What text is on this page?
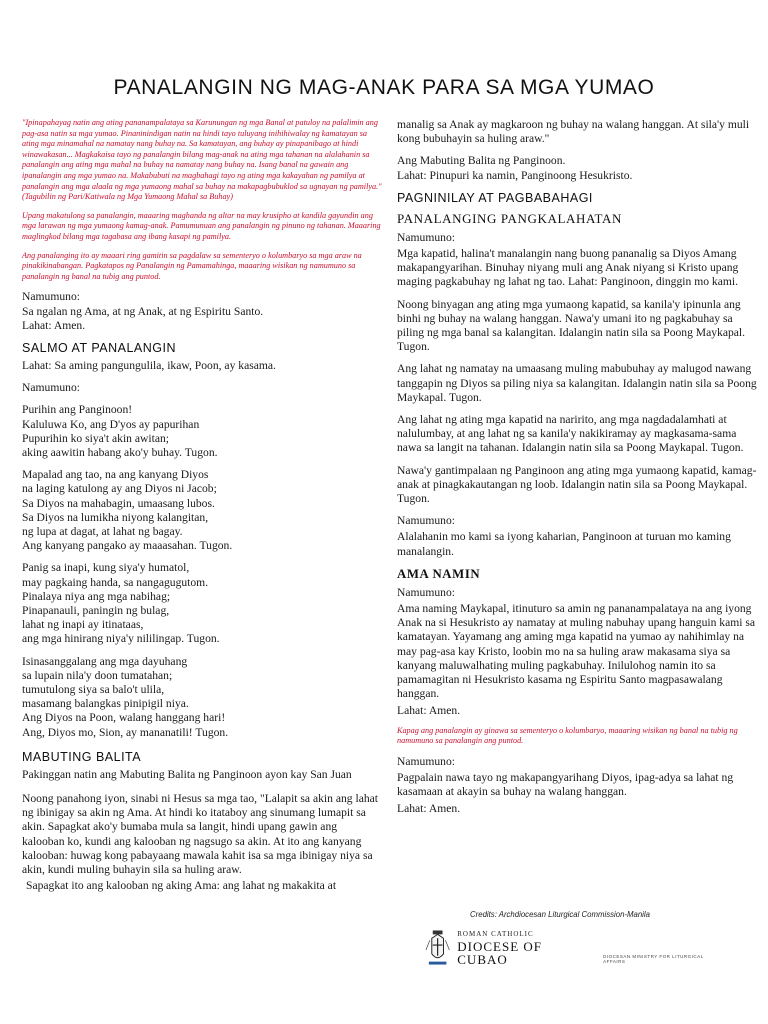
PANALANGIN NG MAG-ANAK PARA SA MGA YUMAO

"Ipinapahayag natin ang ating pananampalataya sa Karunungan ng mga Banal at patuloy na palalimin ang pag-asa natin sa mga yumao. Pinaninindigan natin na hindi tayo tuluyang inihihiwalay ng kamatayan sa ating mga minamahal na namatay nang buhay na. Sa kamatayan, ang buhay ay pinapanibago at hindi winawakasan... Magkakaisa tayo ng panalangin bilang mag-anak na ating mga tahanan na alalahanin sa panalangin ang ating mga mahal na buhay na namatay nang buhay na. Isang banal na gawain ang ipanalangin ang mga yumao na. Makabubuti na magbahagi tayo ng ating mga kakayahan ng pamilya at panalangin ang mga alaala ng mga yumaong mahal sa buhay na makapagbubuklod sa ugnayan ng pamilya." (Tagubilin ng Pari/Katiwala ng Mga Yumaong Mahal sa Buhay)

Upang makatulong sa panalangin, maaaring maghanda ng altar na may krusipho at kandila gayundin ang mga larawan ng mga yumaong kamag-anak. Pamumunuan ang panalangin ng pinuno ng tahanan. Maaaring maglingkod bilang mga tagabasa ang ibang kasapi ng pamilya.

Ang panalanging ito ay maaari ring gamitin sa pagdalaw sa sementeryo o kolumbaryo sa mga araw na pinakikinabangan. Pagkatapos ng Panalangin ng Pamamahinga, maaaring wisikan ng namumuno sa panalangin ng banal na tubig ang puntod.

Namumuno:
Sa ngalan ng Ama, at ng Anak, at ng Espiritu Santo.
Lahat: Amen.
SALMO AT PANALANGIN
Lahat: Sa aming pangungulila, ikaw, Poon, ay kasama.
Namumuno:
Purihin ang Panginoon!
Kaluluwa Ko, ang D'yos ay papurihan
Pupurihin ko siya't akin awitan;
aking aawitin habang ako'y buhay. Tugon.
Mapalad ang tao, na ang kanyang Diyos
na laging katulong ay ang Diyos ni Jacob;
Sa Diyos na mahabagin, umaasang lubos.
Sa Diyos na lumikha niyong kalangitan,
ng lupa at dagat, at lahat ng bagay.
Ang kanyang pangako ay maaasahan. Tugon.
Panig sa inapi, kung siya'y humatol,
may pagkaing handa, sa nangagugutom.
Pinalaya niya ang mga nabihag;
Pinapanauli, paningin ng bulag,
lahat ng inapi ay itinataas,
ang mga hinirang niya'y nililingap. Tugon.
Isinasanggalang ang mga dayuhang
sa lupain nila'y doon tumatahan;
tumutulong siya sa balo't ulila,
masamang balangkas pinipigil niya.
Ang Diyos na Poon, walang hanggang hari!
Ang, Diyos mo, Sion, ay mananatili! Tugon.
MABUTING BALITA
Pakinggan natin ang Mabuting Balita ng Panginoon ayon kay San Juan
Noong panahong iyon, sinabi ni Hesus sa mga tao, "Lalapit sa akin ang lahat ng ibinigay sa akin ng Ama. At hindi ko itataboy ang sinumang lumapit sa akin. Sapagkat ako'y bumaba mula sa langit, hindi upang gawin ang kalooban ko, kundi ang kalooban ng nagsugo sa akin. At ito ang kanyang kalooban: huwag kong pabayaang mawala kahit isa sa mga ibinigay niya sa akin, kundi muling buhayin sila sa huling araw.
Sapagkat ito ang kalooban ng aking Ama: ang lahat ng makakita at
manalig sa Anak ay magkaroon ng buhay na walang hanggan. At sila'y muli kong bubuhayin sa huling araw."
Ang Mabuting Balita ng Panginoon.
Lahat: Pinupuri ka namin, Panginoong Hesukristo.
PAGNINILAY AT PAGBABAHAGI
PANALANGING PANGKALAHATAN
Namumuno:
Mga kapatid, halina't manalangin nang buong pananalig sa Diyos Amang makapangyarihan. Binuhay niyang muli ang Anak niyang si Kristo upang maging pagkabuhay ng lahat ng tao. Lahat: Panginoon, dinggin mo kami.
Noong binyagan ang ating mga yumaong kapatid, sa kanila'y ipinunla ang binhi ng buhay na walang hanggan. Nawa'y umani ito ng pagkabuhay sa piling ng mga banal sa kalangitan. Idalangin natin sila sa Poong Maykapal. Tugon.
Ang lahat ng namatay na umaasang muling mabubuhay ay malugod nawang tanggapin ng Diyos sa piling niya sa kalangitan. Idalangin natin sila sa Poong Maykapal. Tugon.
Ang lahat ng ating mga kapatid na naririto, ang mga nagdadalamhati at nalulumbay, at ang lahat ng sa kanila'y nakikiramay ay magkasama-sama nawa sa langit na tahanan. Idalangin natin sila sa Poong Maykapal. Tugon.
Nawa'y gantimpalaan ng Panginoon ang ating mga yumaong kapatid, kamag-anak at pinagkakautangan ng loob. Idalangin natin sila sa Poong Maykapal. Tugon.
Namumuno:
Alalahanin mo kami sa iyong kaharian, Panginoon at turuan mo kaming manalangin.
AMA NAMIN
Namumuno:
Ama naming Maykapal, itinuturo sa amin ng pananampalataya na ang iyong Anak na si Hesukristo ay namatay at muling nabuhay upang hanguin kami sa kamatayan. Yayamang ang aming mga kapatid na yumao ay nahihimlay na may pag-asa kay Kristo, loobin mo na sa huling araw makasama siya sa kanyang maluwalhating muling pagkabuhay. Inilulohog namin ito sa pamamagitan ni Hesukristo kasama ng Espiritu Santo magpasawalang hanggan.
Lahat: Amen.

Kapag ang panalangin ay ginawa sa sementeryo o kolumbaryo, maaaring wisikan ng banal na tubig ng namumuno sa panalangin ang puntod.

Namumuno:
Pagpalain nawa tayo ng makapangyarihang Diyos, ipag-adya sa lahat ng kasamaan at akayin sa buhay na walang hanggan.
Lahat: Amen.
Credits: Archdiocesan Liturgical Commission-Manila
ROMAN CATHOLIC
DIOCESE OF CUBAO	DIOCESAN MINISTRY FOR LITURGICAL AFFAIRS
